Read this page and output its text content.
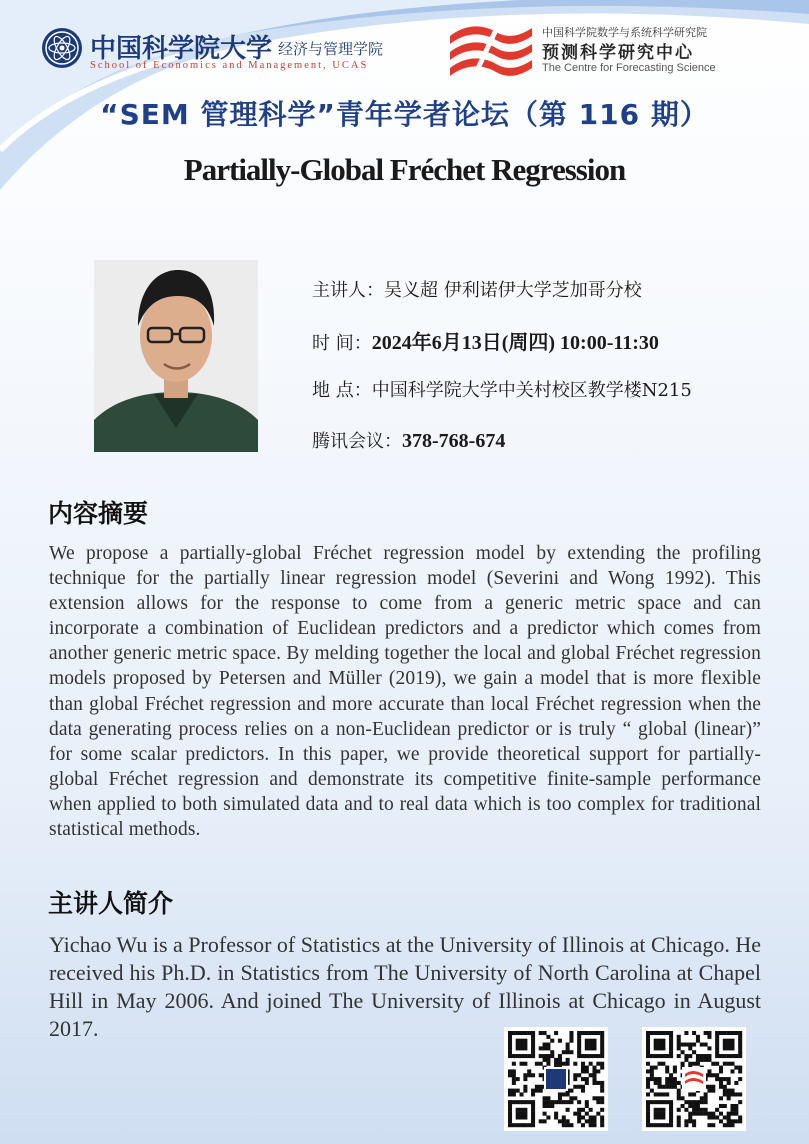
中国科学院大学 经济与管理学院
School of Economics and Management, UCAS
中国科学院数学与系统科学研究院
预测科学研究中心
The Centre for Forecasting Science
“SEM 管理科学”青年学者论坛（第 116 期）
Partially-Global Fréchet Regression
主讲人：吴义超 伊利诺伊大学芝加哥分校
时 间：2024年6月13日(周四) 10:00-11:30
地 点：中国科学院大学中关村校区教学楼N215
腾讯会议：378-768-674
内容摘要
We propose a partially-global Fréchet regression model by extending the profiling technique for the partially linear regression model (Severini and Wong 1992). This extension allows for the response to come from a generic metric space and can incorporate a combination of Euclidean predictors and a predictor which comes from another generic metric space. By melding together the local and global Fréchet regression models proposed by Petersen and Müller (2019), we gain a model that is more flexible than global Fréchet regression and more accurate than local Fréchet regression when the data generating process relies on a non-Euclidean predictor or is truly “ global (linear)” for some scalar predictors. In this paper, we provide theoretical support for partially-global Fréchet regression and demonstrate its competitive finite-sample performance when applied to both simulated data and to real data which is too complex for traditional statistical methods.
主讲人简介
Yichao Wu is a Professor of Statistics at the University of Illinois at Chicago. He received his Ph.D. in Statistics from The University of North Carolina at Chapel Hill in May 2006. And joined The University of Illinois at Chicago in August 2017.
